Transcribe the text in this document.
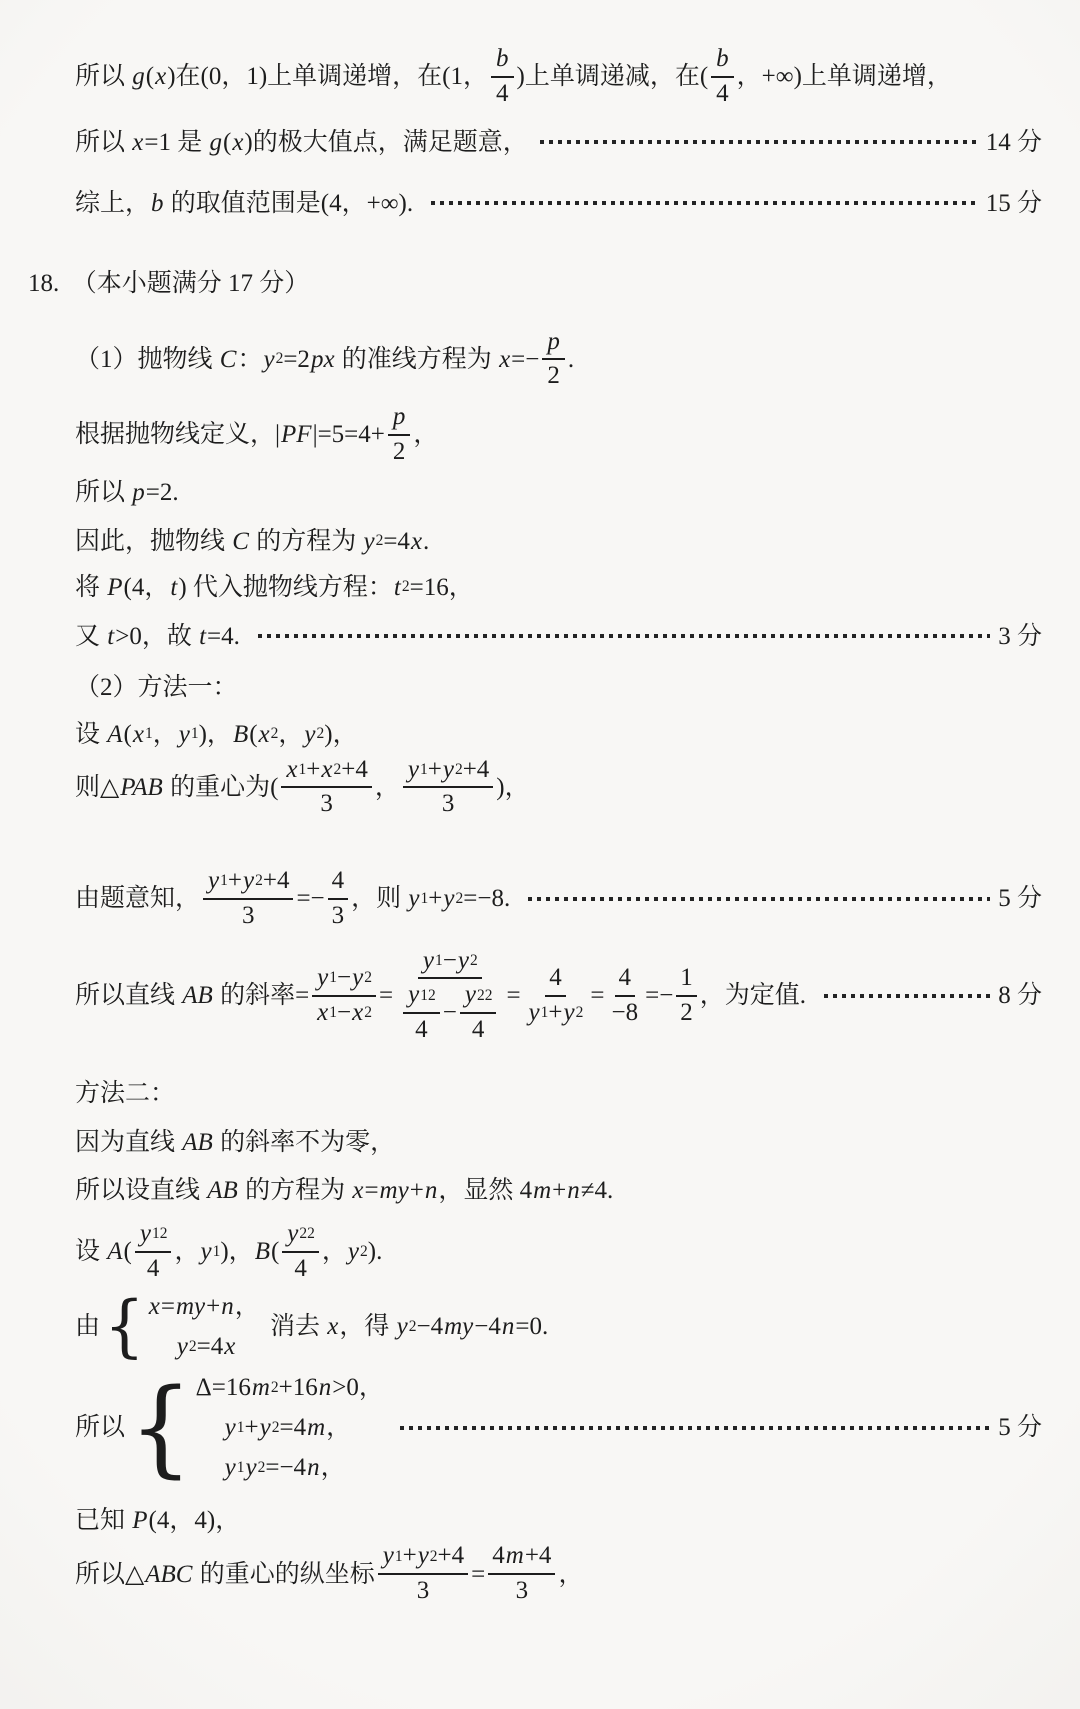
所以 g ( x )在(0，1)上单调递增，在(1， $\frac{b}{4}$ )上单调递减，在( $\frac{b}{4}$ ，+∞)上单调递增，
所以 x =1 是 g ( x )的极大值点，满足题意，	14 分
综上， b 的取值范围是(4，+∞).	15 分
18.  （本小题满分 17 分）
（1）抛物线 C ： y 2 =2 px 的准线方程为 $x =- \frac{p}{2}$ .
根据抛物线定义，| PF $|=5=4+ \frac{p}{2}$ ，
所以 p =2.
因此，抛物线 C 的方程为 y 2 =4 x .
将 P (4， t ) 代入抛物线方程： t 2 =16，
又 t >0，故 t =4.	3 分
（2）方法一：
设 A ( x 1 ， y 1 )， B ( x 2 ， y 2 )，
则△ PAB 的重心为( $\frac{x 1 + x 2 +4}{3}$ ， $\frac{y 1 + y 2 +4}{3}$ )，
由题意知， $\frac{y 1 + y 2 +4}{3} =- \frac{4}{3}$ ，则 y 1 + y 2 =−8.	5 分
所以直线 AB 的斜率= $\frac{y 1 - y 2}{x 1 - x 2} = \frac{y 1 - y 2}{\frac{y 1 2}{4} - \frac{y 2 2}{4}} = \frac{4}{y 1 + y 2} = \frac{4}{-8} =- \frac{1}{2}$ ，为定值.	8 分
方法二：
因为直线 AB 的斜率不为零，
所以设直线 AB 的方程为 x = my + n ，显然 4 m + n ≠4.
设 A ( $\frac{y 1 2}{4}$ ， y 1 )， B ( $\frac{y 2 2}{4}$ ， y 2 ).
由 { x = my + n ，
y 2 =4 x
消去 x ，得 y 2 −4 my −4 n =0.
所以 { Δ=16 m 2 +16 n >0，
y 1 + y 2 =4 m ，
y 1 y 2 =−4 n ，
5 分
已知 P (4，4)，
所以△ ABC 的重心的纵坐标 $\frac{y 1 + y 2 +4}{3} = \frac{4 m +4}{3}$ ，
